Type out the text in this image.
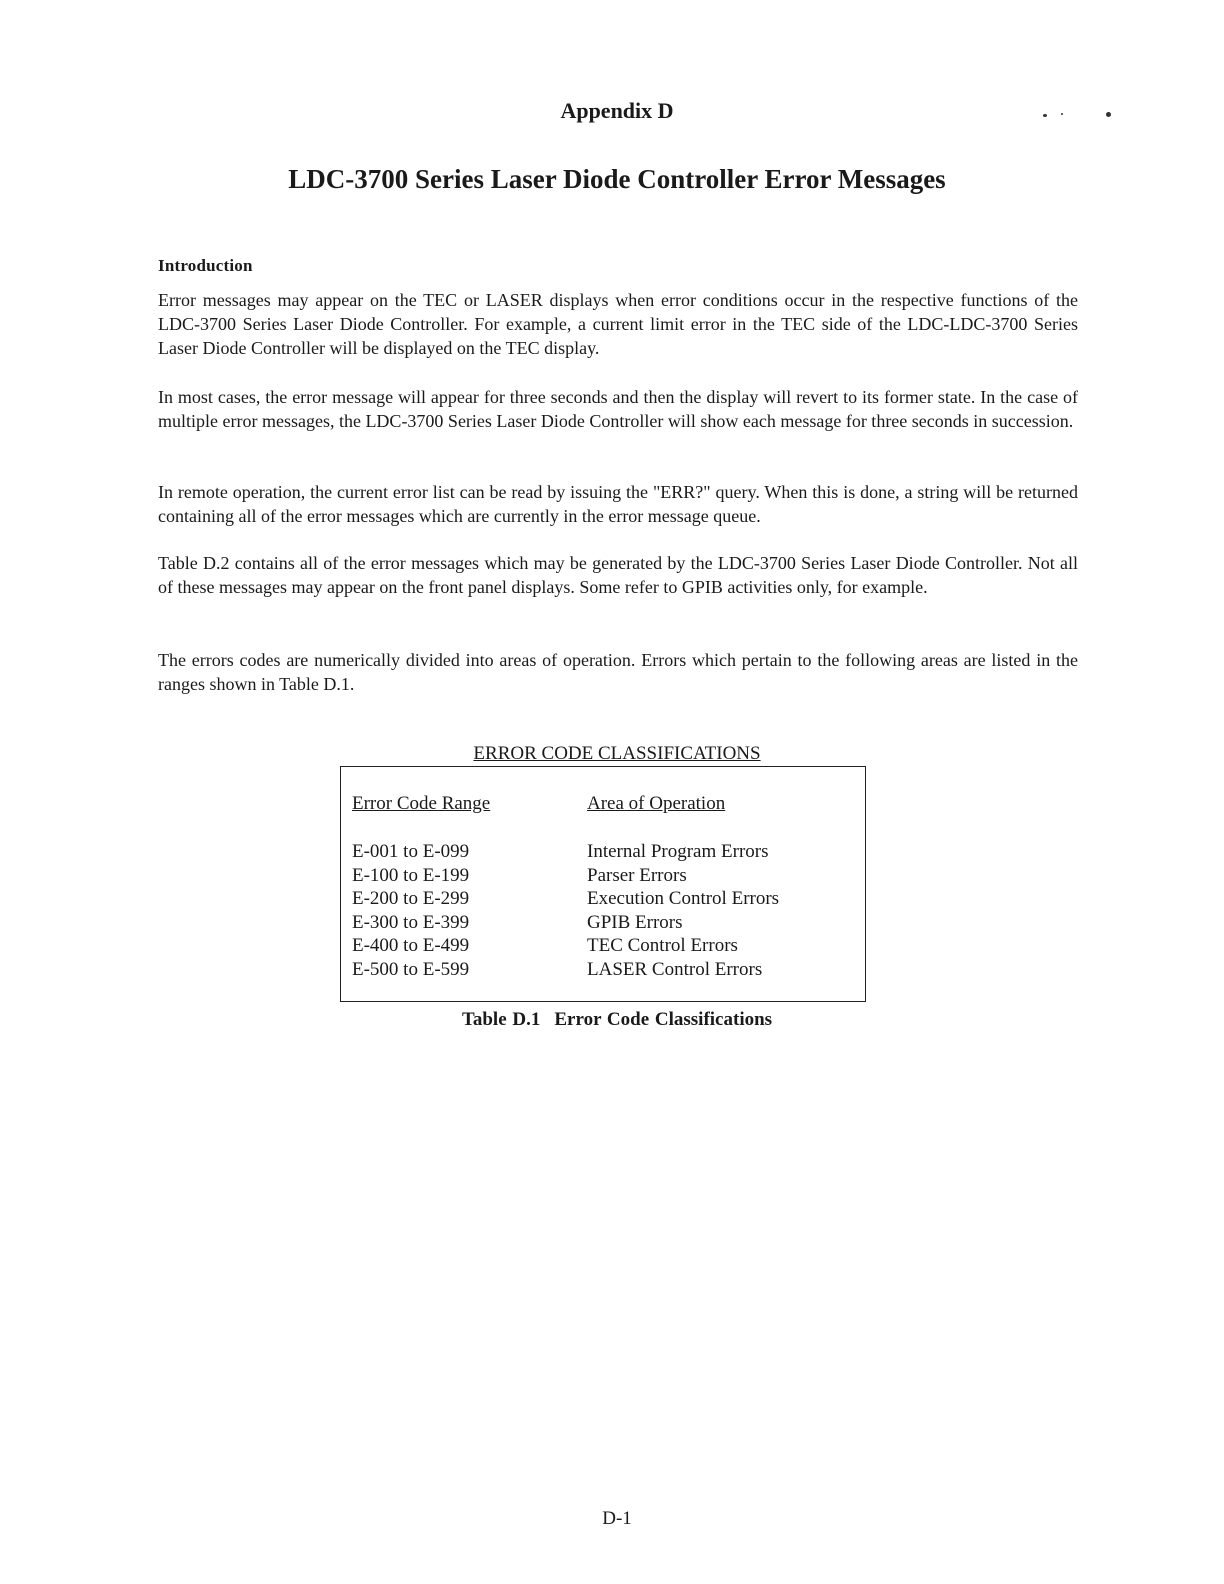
Appendix D
LDC-3700 Series Laser Diode Controller Error Messages
Introduction

Error messages may appear on the TEC or LASER displays when error conditions occur in the respective functions of the LDC-3700 Series Laser Diode Controller. For example, a current limit error in the TEC side of the LDC-LDC-3700 Series Laser Diode Controller will be displayed on the TEC display.

In most cases, the error message will appear for three seconds and then the display will revert to its former state. In the case of multiple error messages, the LDC-3700 Series Laser Diode Controller will show each message for three seconds in succession.

In remote operation, the current error list can be read by issuing the "ERR?" query. When this is done, a string will be returned containing all of the error messages which are currently in the error message queue.

Table D.2 contains all of the error messages which may be generated by the LDC-3700 Series Laser Diode Controller. Not all of these messages may appear on the front panel displays. Some refer to GPIB activities only, for example.

The errors codes are numerically divided into areas of operation. Errors which pertain to the following areas are listed in the ranges shown in Table D.1.

ERROR CODE CLASSIFICATIONS
Error Code Range	Area of Operation
E-001 to E-099	Internal Program Errors
E-100 to E-199	Parser Errors
E-200 to E-299	Execution Control Errors
E-300 to E-399	GPIB Errors
E-400 to E-499	TEC Control Errors
E-500 to E-599	LASER Control Errors
Table D.1 Error Code Classifications
D-1
